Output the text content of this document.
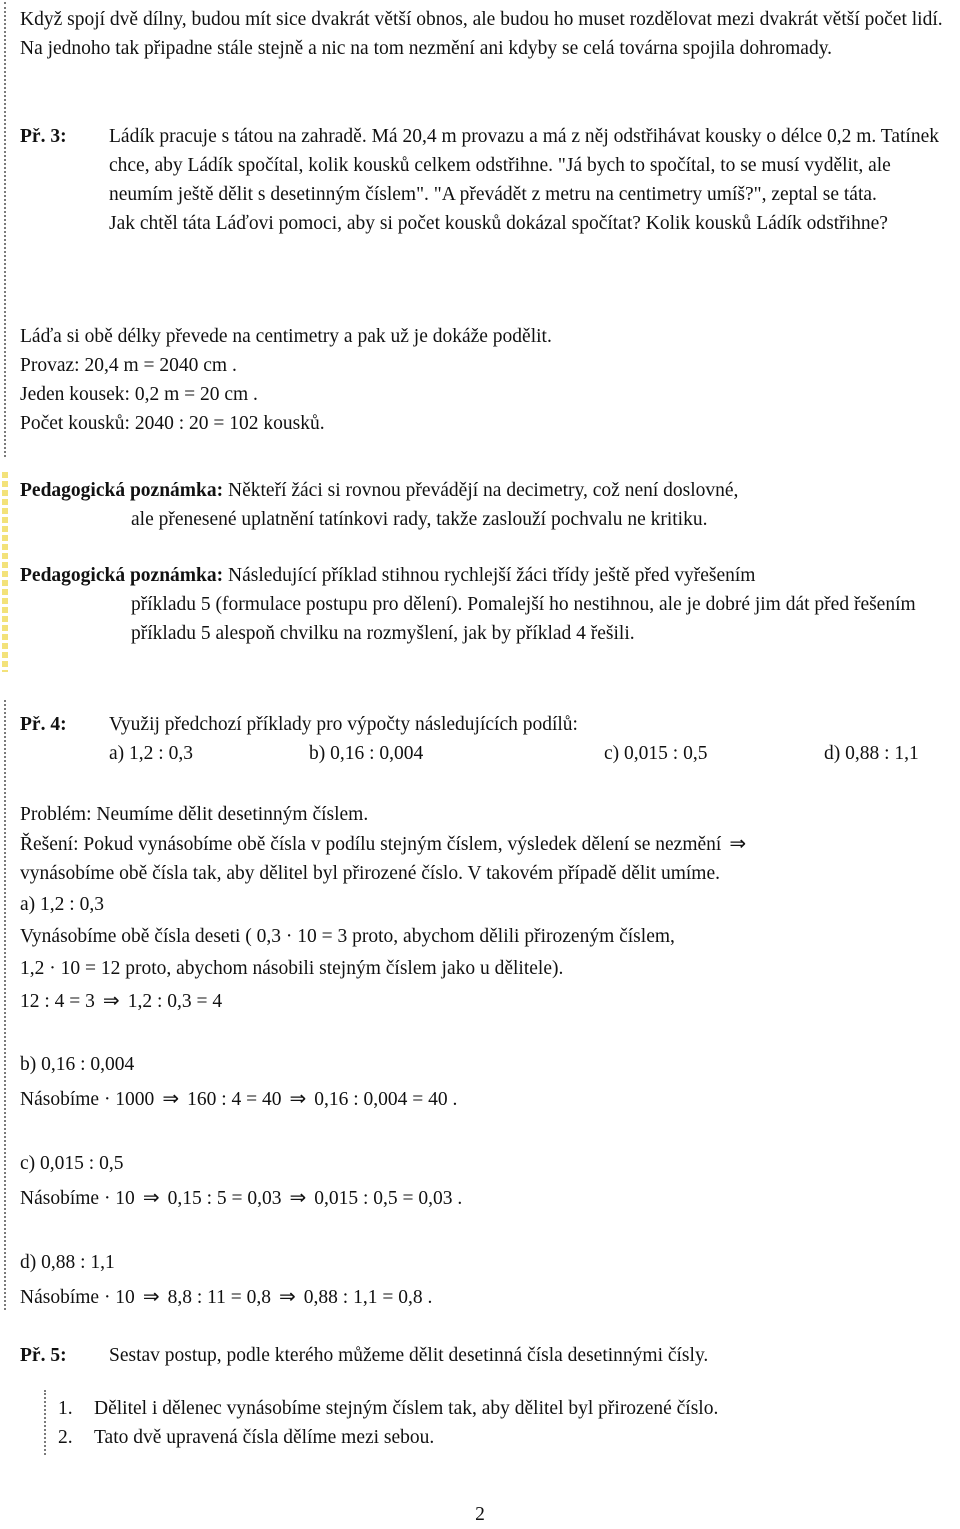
Když spojí dvě dílny, budou mít sice dvakrát větší obnos, ale budou ho muset rozdělovat mezi dvakrát větší počet lidí. Na jednoho tak připadne stále stejně a nic na tom nezmění ani kdyby se celá továrna spojila dohromady.

Př. 3:	Ládík pracuje s tátou na zahradě. Má 20,4 m provazu a má z něj odstřihávat kousky o délce 0,2 m. Tatínek chce, aby Ládík spočítal, kolik kousků celkem odstřihne. "Já bych to spočítal, to se musí vydělit, ale neumím ještě dělit s desetinným číslem". "A převádět z metru na centimetry umíš?", zeptal se táta.

Jak chtěl táta Láďovi pomoci, aby si počet kousků dokázal spočítat? Kolik kousků Ládík odstřihne?

Láďa si obě délky převede na centimetry a pak už je dokáže podělit.

Provaz: 20,4 m = 2040 cm .

Jeden kousek: 0,2 m = 20 cm .

Počet kousků: 2040 : 20 = 102 kousků.

Pedagogická poznámka: Někteří žáci si rovnou převádějí na decimetry, což není doslovné,

ale přenesené uplatnění tatínkovi rady, takže zaslouží pochvalu ne kritiku.

Pedagogická poznámka: Následující příklad stihnou rychlejší žáci třídy ještě před vyřešením

příkladu 5 (formulace postupu pro dělení). Pomalejší ho nestihnou, ale je dobré jim dát před řešením příkladu 5 alespoň chvilku na rozmyšlení, jak by příklad 4 řešili.

Př. 4:	Využij předchozí příklady pro výpočty následujících podílů:
a) 1,2 : 0,3	b) 0,16 : 0,004	c) 0,015 : 0,5	d) 0,88 : 1,1

Problém: Neumíme dělit desetinným číslem.

Řešení: Pokud vynásobíme obě čísla v podílu stejným číslem, výsledek dělení se nezmění ⇒

vynásobíme obě čísla tak, aby dělitel byl přirozené číslo. V takovém případě dělit umíme.

a) 1,2 : 0,3

Vynásobíme obě čísla deseti ( 0,3 · 10 = 3 proto, abychom dělili přirozeným číslem,

1,2 · 10 = 12 proto, abychom násobili stejným číslem jako u dělitele).

12 : 4 = 3 ⇒ 1,2 : 0,3 = 4

b) 0,16 : 0,004

Násobíme · 1000 ⇒ 160 : 4 = 40 ⇒ 0,16 : 0,004 = 40 .

c) 0,015 : 0,5

Násobíme · 10 ⇒ 0,15 : 5 = 0,03 ⇒ 0,015 : 0,5 = 0,03 .

d) 0,88 : 1,1

Násobíme · 10 ⇒ 8,8 : 11 = 0,8 ⇒ 0,88 : 1,1 = 0,8 .

Př. 5:	Sestav postup, podle kterého můžeme dělit desetinná čísla desetinnými čísly.
1.	Dělitel i dělenec vynásobíme stejným číslem tak, aby dělitel byl přirozené číslo.
2.	Tato dvě upravená čísla dělíme mezi sebou.
2
